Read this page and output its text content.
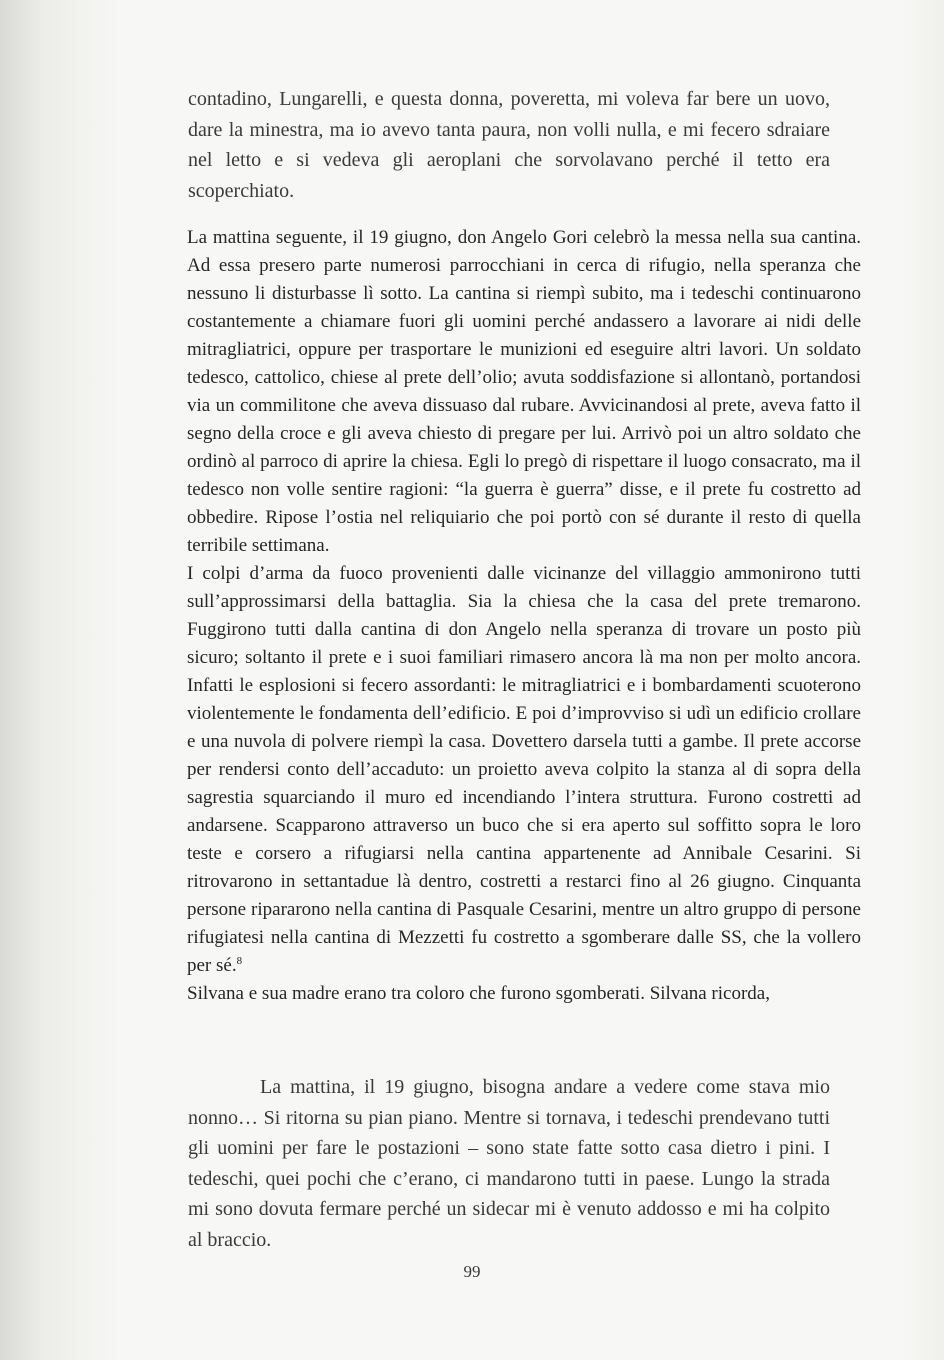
contadino, Lungarelli, e questa donna, poveretta, mi voleva far bere un uovo, dare la minestra, ma io avevo tanta paura, non volli nulla, e mi fecero sdraiare nel letto e si vedeva gli aeroplani che sorvolavano perché il tetto era scoperchiato.

La mattina seguente, il 19 giugno, don Angelo Gori celebrò la messa nella sua cantina. Ad essa presero parte numerosi parrocchiani in cerca di rifugio, nella speranza che nessuno li disturbasse lì sotto. La cantina si riempì subito, ma i tedeschi continuarono costantemente a chiamare fuori gli uomini perché andassero a lavorare ai nidi delle mitragliatrici, oppure per trasportare le munizioni ed eseguire altri lavori. Un soldato tedesco, cattolico, chiese al prete dell’olio; avuta soddisfazione si allontanò, portandosi via un commilitone che aveva dissuaso dal rubare. Avvicinandosi al prete, aveva fatto il segno della croce e gli aveva chiesto di pregare per lui. Arrivò poi un altro soldato che ordinò al parroco di aprire la chiesa. Egli lo pregò di rispettare il luogo consacrato, ma il tedesco non volle sentire ragioni: “la guerra è guerra” disse, e il prete fu costretto ad obbedire. Ripose l’ostia nel reliquiario che poi portò con sé durante il resto di quella terribile settimana.

I colpi d’arma da fuoco provenienti dalle vicinanze del villaggio ammonirono tutti sull’approssimarsi della battaglia. Sia la chiesa che la casa del prete tremarono. Fuggirono tutti dalla cantina di don Angelo nella speranza di trovare un posto più sicuro; soltanto il prete e i suoi familiari rimasero ancora là ma non per molto ancora. Infatti le esplosioni si fecero assordanti: le mitragliatrici e i bombardamenti scuoterono violentemente le fondamenta dell’edificio. E poi d’improvviso si udì un edificio crollare e una nuvola di polvere riempì la casa. Dovettero darsela tutti a gambe. Il prete accorse per rendersi conto dell’accaduto: un proietto aveva colpito la stanza al di sopra della sagrestia squarciando il muro ed incendiando l’intera struttura. Furono costretti ad andarsene. Scapparono attraverso un buco che si era aperto sul soffitto sopra le loro teste e corsero a rifugiarsi nella cantina appartenente ad Annibale Cesarini. Si ritrovarono in settantadue là dentro, costretti a restarci fino al 26 giugno. Cinquanta persone ripararono nella cantina di Pasquale Cesarini, mentre un altro gruppo di persone rifugiatesi nella cantina di Mezzetti fu costretto a sgomberare dalle SS, che la vollero per sé.$^8$

Silvana e sua madre erano tra coloro che furono sgomberati. Silvana ricorda,

La mattina, il 19 giugno, bisogna andare a vedere come stava mio nonno… Si ritorna su pian piano. Mentre si tornava, i tedeschi prendevano tutti gli uomini per fare le postazioni – sono state fatte sotto casa dietro i pini. I tedeschi, quei pochi che c’erano, ci mandarono tutti in paese. Lungo la strada mi sono dovuta fermare perché un sidecar mi è venuto addosso e mi ha colpito al braccio.

99
